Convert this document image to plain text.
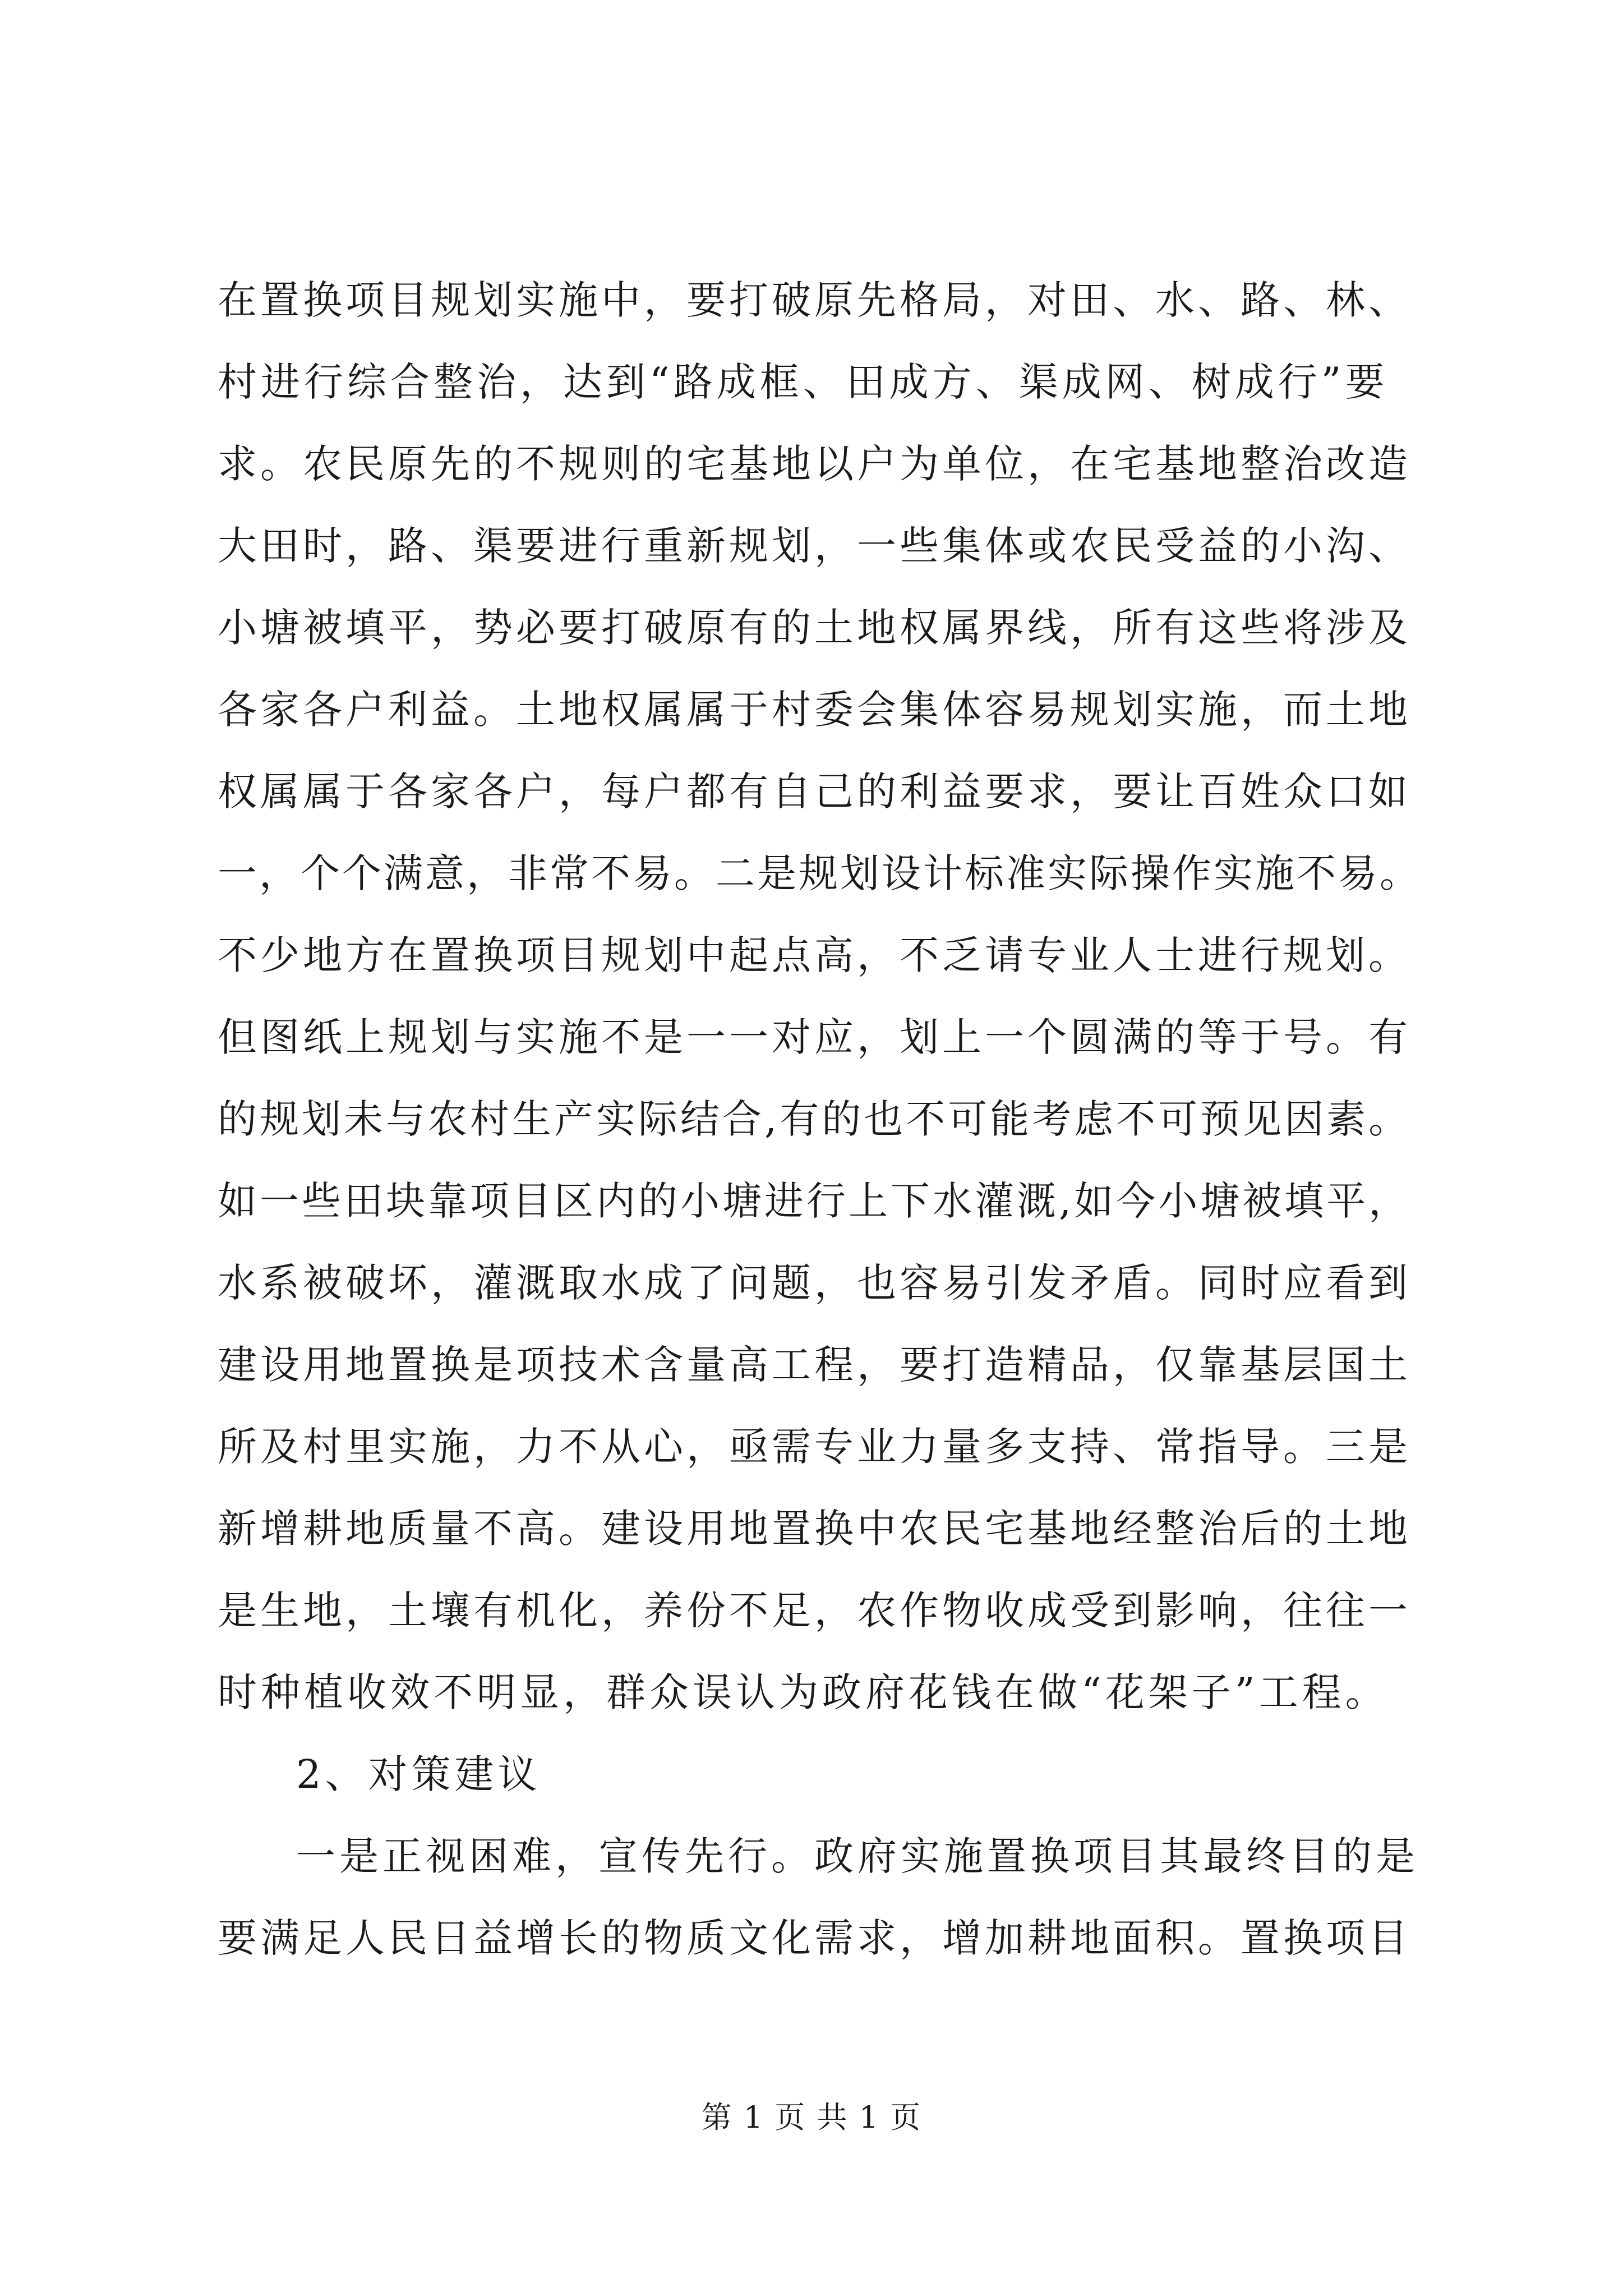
在置换项目规划实施中，要打破原先格局，对田、水、路、林、
村进行综合整治，达到“路成框、田成方、渠成网、树成行”要
求。农民原先的不规则的宅基地以户为单位，在宅基地整治改造
大田时，路、渠要进行重新规划，一些集体或农民受益的小沟、
小塘被填平，势必要打破原有的土地权属界线，所有这些将涉及
各家各户利益。土地权属属于村委会集体容易规划实施，而土地
权属属于各家各户，每户都有自己的利益要求，要让百姓众口如
一，个个满意，非常不易。二是规划设计标准实际操作实施不易。
不少地方在置换项目规划中起点高，不乏请专业人士进行规划。
但图纸上规划与实施不是一一对应，划上一个圆满的等于号。有
的规划未与农村生产实际结合,有的也不可能考虑不可预见因素。
如一些田块靠项目区内的小塘进行上下水灌溉,如今小塘被填平，
水系被破坏，灌溉取水成了问题，也容易引发矛盾。同时应看到
建设用地置换是项技术含量高工程，要打造精品，仅靠基层国土
所及村里实施，力不从心，亟需专业力量多支持、常指导。三是
新增耕地质量不高。建设用地置换中农民宅基地经整治后的土地
是生地，土壤有机化，养份不足，农作物收成受到影响，往往一
时种植收效不明显，群众误认为政府花钱在做“花架子”工程。
2、对策建议
一是正视困难，宣传先行。政府实施置换项目其最终目的是
要满足人民日益增长的物质文化需求，增加耕地面积。置换项目
第 1 页 共 1 页
